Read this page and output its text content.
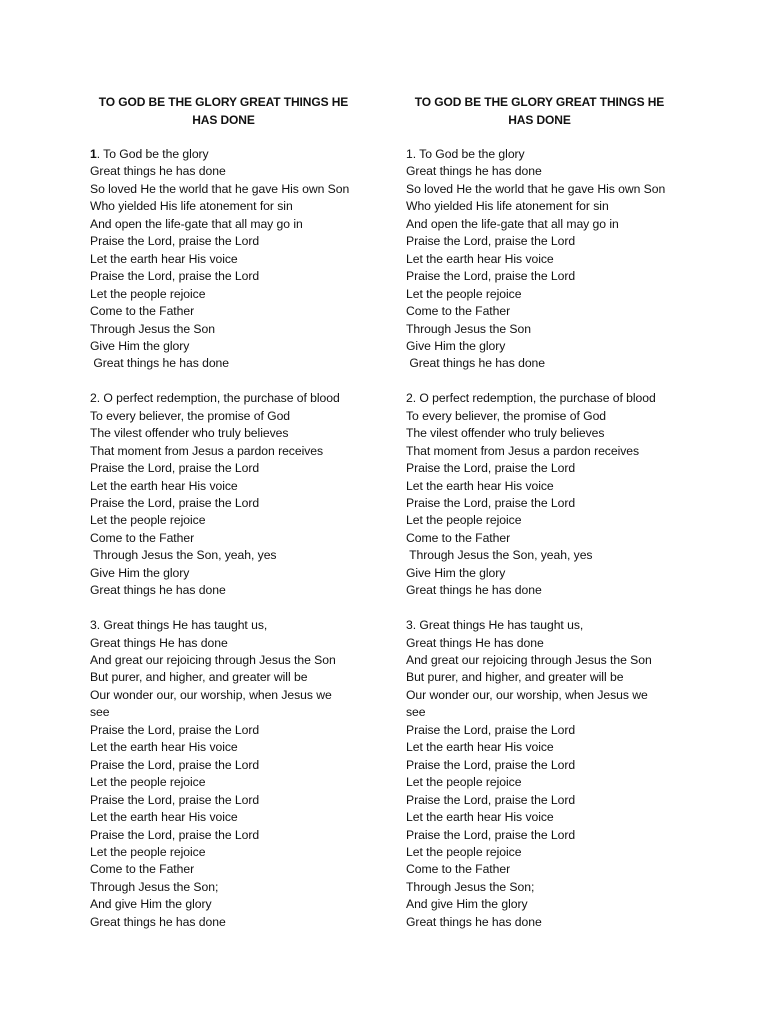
TO GOD BE THE GLORY GREAT THINGS HE HAS DONE
1. To God be the glory
Great things he has done
So loved He the world that he gave His own Son
Who yielded His life atonement for sin
And open the life-gate that all may go in
Praise the Lord, praise the Lord
Let the earth hear His voice
Praise the Lord, praise the Lord
Let the people rejoice
Come to the Father
Through Jesus the Son
Give Him the glory
Great things he has done
2. O perfect redemption, the purchase of blood
To every believer, the promise of God
The vilest offender who truly believes
That moment from Jesus a pardon receives
Praise the Lord, praise the Lord
Let the earth hear His voice
Praise the Lord, praise the Lord
Let the people rejoice
Come to the Father
Through Jesus the Son, yeah, yes
Give Him the glory
Great things he has done
3. Great things He has taught us,
Great things He has done
And great our rejoicing through Jesus the Son
But purer, and higher, and greater will be
Our wonder our, our worship, when Jesus we see
Praise the Lord, praise the Lord
Let the earth hear His voice
Praise the Lord, praise the Lord
Let the people rejoice
Praise the Lord, praise the Lord
Let the earth hear His voice
Praise the Lord, praise the Lord
Let the people rejoice
Come to the Father
Through Jesus the Son;
And give Him the glory
Great things he has done
TO GOD BE THE GLORY GREAT THINGS HE HAS DONE
1. To God be the glory
Great things he has done
So loved He the world that he gave His own Son
Who yielded His life atonement for sin
And open the life-gate that all may go in
Praise the Lord, praise the Lord
Let the earth hear His voice
Praise the Lord, praise the Lord
Let the people rejoice
Come to the Father
Through Jesus the Son
Give Him the glory
Great things he has done
2. O perfect redemption, the purchase of blood
To every believer, the promise of God
The vilest offender who truly believes
That moment from Jesus a pardon receives
Praise the Lord, praise the Lord
Let the earth hear His voice
Praise the Lord, praise the Lord
Let the people rejoice
Come to the Father
Through Jesus the Son, yeah, yes
Give Him the glory
Great things he has done
3. Great things He has taught us,
Great things He has done
And great our rejoicing through Jesus the Son
But purer, and higher, and greater will be
Our wonder our, our worship, when Jesus we see
Praise the Lord, praise the Lord
Let the earth hear His voice
Praise the Lord, praise the Lord
Let the people rejoice
Praise the Lord, praise the Lord
Let the earth hear His voice
Praise the Lord, praise the Lord
Let the people rejoice
Come to the Father
Through Jesus the Son;
And give Him the glory
Great things he has done
